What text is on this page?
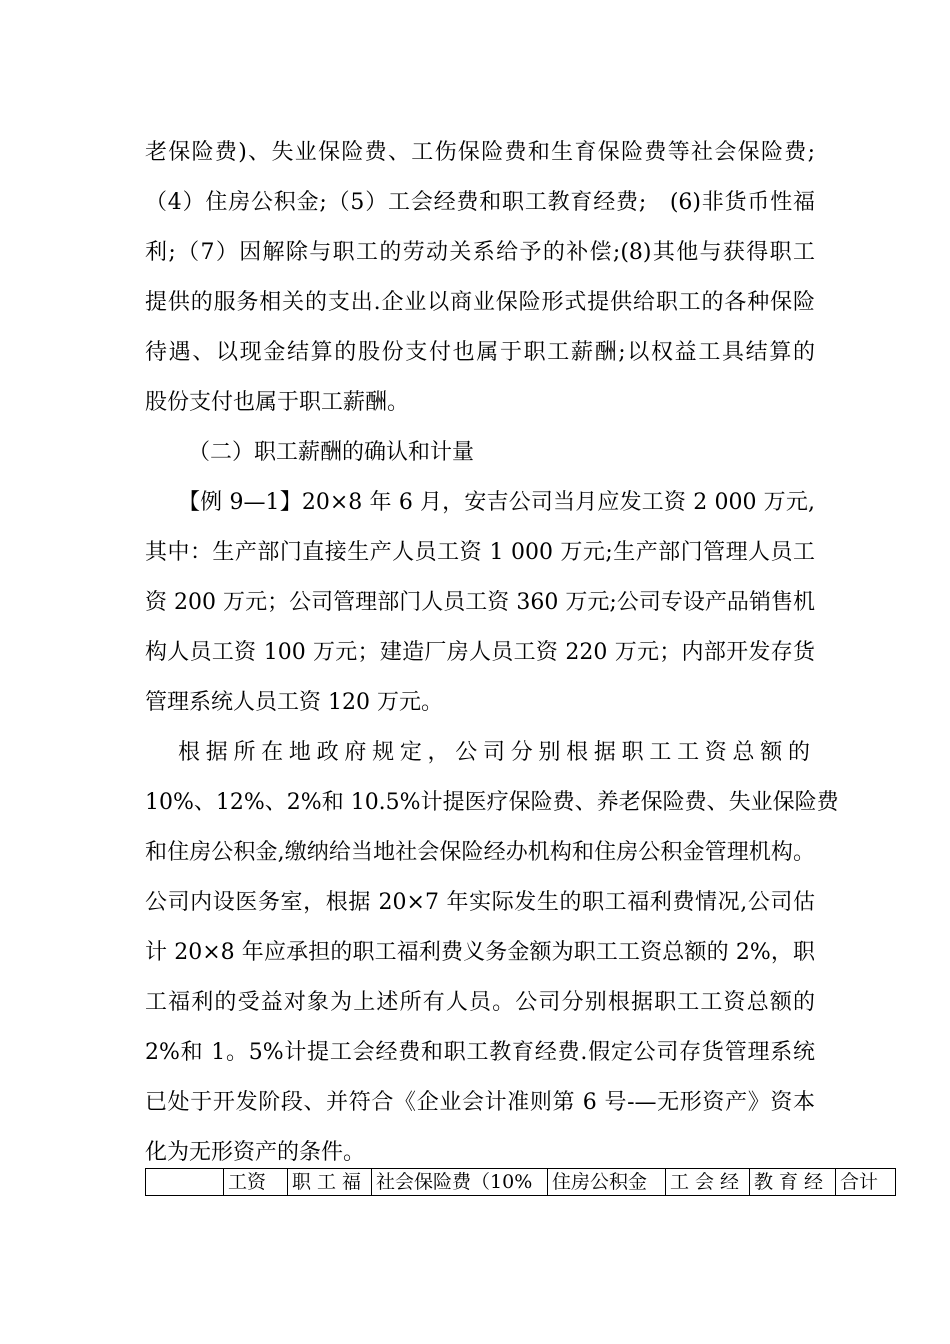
老保险费)、失业保险费、工伤保险费和生育保险费等社会保险费;
（4）住房公积金;（5）工会经费和职工教育经费;　(6)非货币性福
利;（7）因解除与职工的劳动关系给予的补偿;(8)其他与获得职工
提供的服务相关的支出.企业以商业保险形式提供给职工的各种保险
待遇、以现金结算的股份支付也属于职工薪酬;以权益工具结算的
股份支付也属于职工薪酬。
（二）职工薪酬的确认和计量
【例 9—1】20×8 年 6 月，安吉公司当月应发工资 2 000 万元,
其中：生产部门直接生产人员工资 1 000 万元;生产部门管理人员工
资 200 万元；公司管理部门人员工资 360 万元;公司专设产品销售机
构人员工资 100 万元；建造厂房人员工资 220 万元；内部开发存货
管理系统人员工资 120 万元。
根据所在地政府规定，公司分别根据职工工资总额的
10%、12%、2%和 10.5%计提医疗保险费、养老保险费、失业保险费
和住房公积金,缴纳给当地社会保险经办机构和住房公积金管理机构。
公司内设医务室，根据 20×7 年实际发生的职工福利费情况,公司估
计 20×8 年应承担的职工福利费义务金额为职工工资总额的 2%，职
工福利的受益对象为上述所有人员。公司分别根据职工工资总额的
2%和 1。5%计提工会经费和职工教育经费.假定公司存货管理系统
已处于开发阶段、并符合《企业会计准则第 6 号-—无形资产》资本
化为无形资产的条件。
	工资	职工福	社会保险费（10%	住房公积金	工会经	教育经	合计
